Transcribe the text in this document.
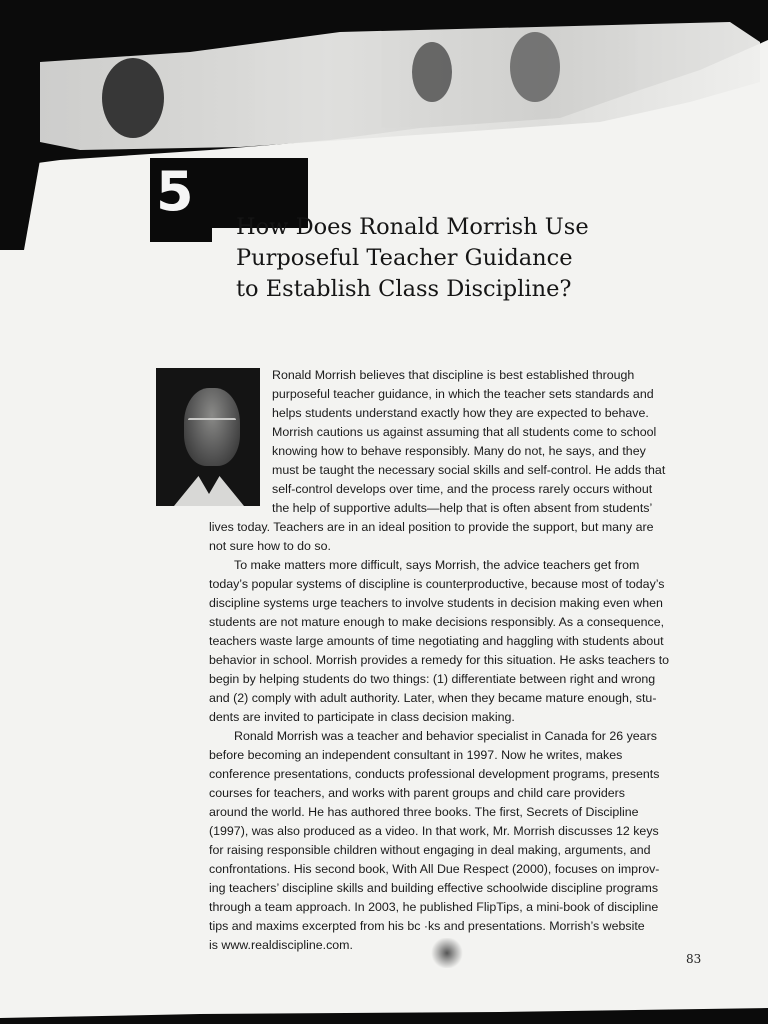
5
How Does Ronald Morrish Use
Purposeful Teacher Guidance
to Establish Class Discipline?
Ronald Morrish believes that discipline is best established through
purposeful teacher guidance, in which the teacher sets standards and
helps students understand exactly how they are expected to behave.
Morrish cautions us against assuming that all students come to school
knowing how to behave responsibly. Many do not, he says, and they
must be taught the necessary social skills and self-control. He adds that
self-control develops over time, and the process rarely occurs without
the help of supportive adults—help that is often absent from students’
lives today. Teachers are in an ideal position to provide the support, but many are
not sure how to do so.
To make matters more difficult, says Morrish, the advice teachers get from
today’s popular systems of discipline is counterproductive, because most of today’s
discipline systems urge teachers to involve students in decision making even when
students are not mature enough to make decisions responsibly. As a consequence,
teachers waste large amounts of time negotiating and haggling with students about
behavior in school. Morrish provides a remedy for this situation. He asks teachers to
begin by helping students do two things: (1) differentiate between right and wrong
and (2) comply with adult authority. Later, when they became mature enough, stu-
dents are invited to participate in class decision making.
Ronald Morrish was a teacher and behavior specialist in Canada for 26 years
before becoming an independent consultant in 1997. Now he writes, makes
conference presentations, conducts professional development programs, presents
courses for teachers, and works with parent groups and child care providers
around the world. He has authored three books. The first, Secrets of Discipline
(1997), was also produced as a video. In that work, Mr. Morrish discusses 12 keys
for raising responsible children without engaging in deal making, arguments, and
confrontations. His second book, With All Due Respect (2000), focuses on improv-
ing teachers’ discipline skills and building effective schoolwide discipline programs
through a team approach. In 2003, he published FlipTips, a mini-book of discipline
tips and maxims excerpted from his bc ·ks and presentations. Morrish’s website
is www.realdiscipline.com.
83
